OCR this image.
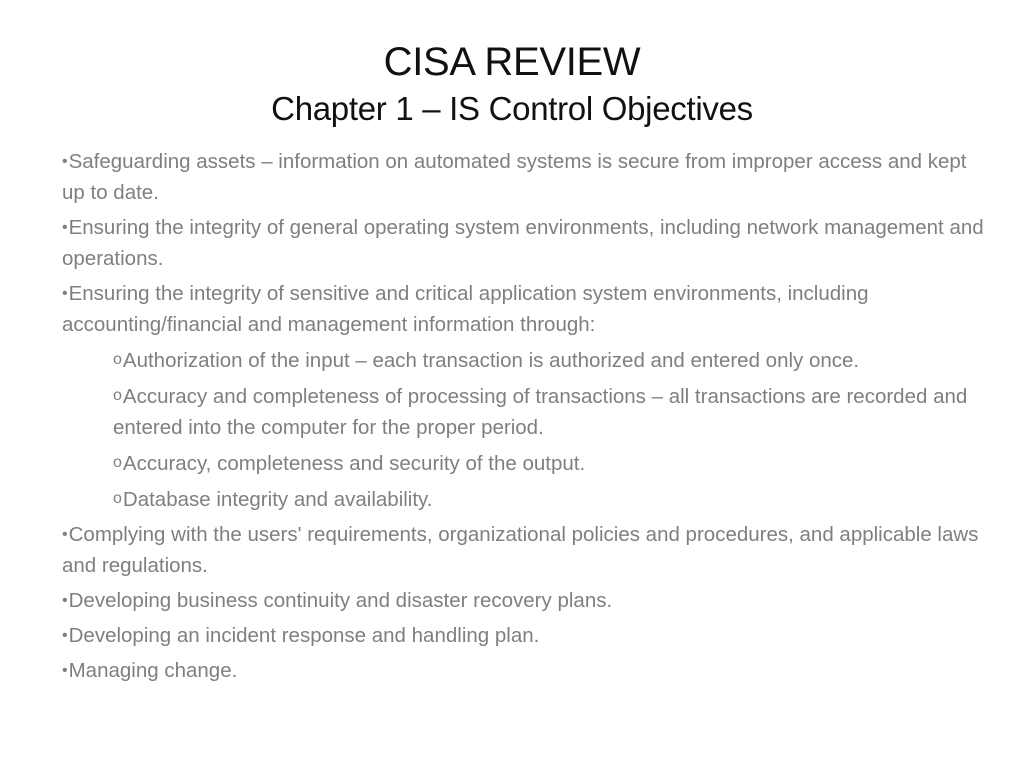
CISA REVIEW
Chapter 1 – IS Control Objectives
•Safeguarding assets – information on automated systems is secure from improper access and kept up to date.
•Ensuring the integrity of general operating system environments, including network management and operations.
•Ensuring the integrity of sensitive and critical application system environments, including accounting/financial and management information through:
oAuthorization of the input – each transaction is authorized and entered only once.
oAccuracy and completeness of processing of transactions – all transactions are recorded and entered into the computer for the proper period.
oAccuracy, completeness and security of the output.
oDatabase integrity and availability.
•Complying with the users' requirements, organizational policies and procedures, and applicable laws and regulations.
•Developing business continuity and disaster recovery plans.
•Developing an incident response and handling plan.
•Managing change.
